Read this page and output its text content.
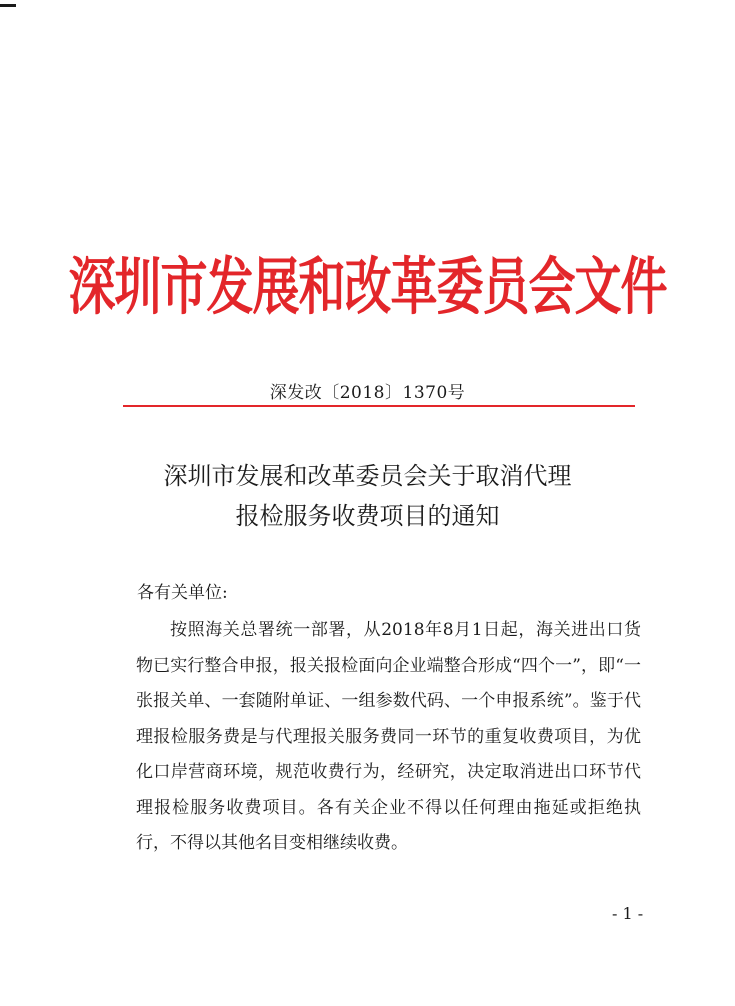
深圳市发展和改革委员会文件
深发改〔2018〕1370号
深圳市发展和改革委员会关于取消代理
报检服务收费项目的通知
各有关单位:

按照海关总署统一部署，从2018年8月1日起，海关进出口货物已实行整合申报，报关报检面向企业端整合形成“四个一”，即“一张报关单、一套随附单证、一组参数代码、一个申报系统”。鉴于代理报检服务费是与代理报关服务费同一环节的重复收费项目，为优化口岸营商环境，规范收费行为，经研究，决定取消进出口环节代理报检服务收费项目。各有关企业不得以任何理由拖延或拒绝执行，不得以其他名目变相继续收费。

- 1 -
